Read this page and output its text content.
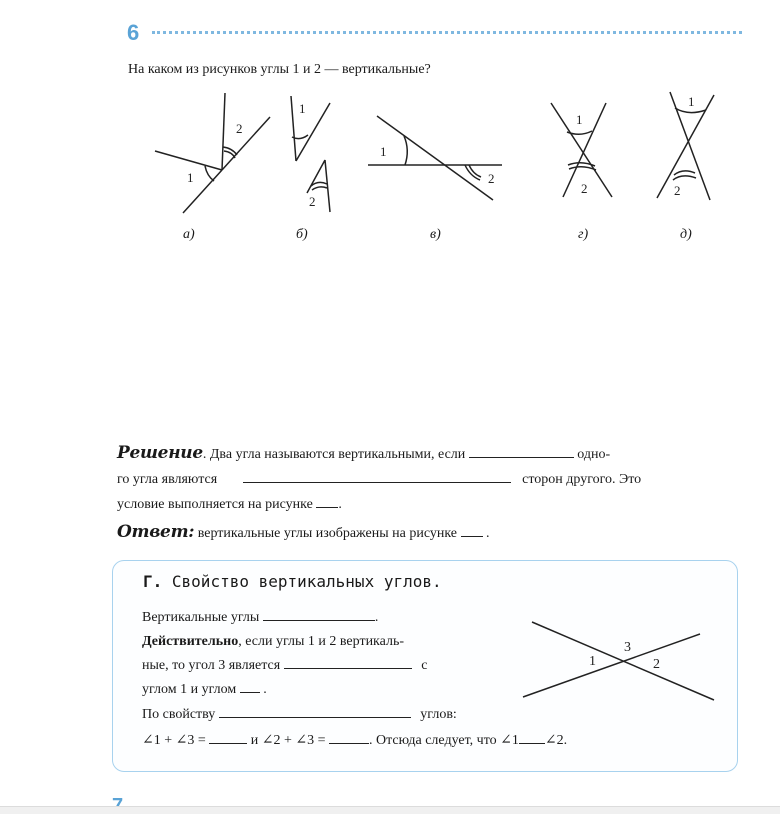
6
На каком из рисунков углы 1 и 2 — вертикальные?
2
1
1
2
1
2
1
2
1
2
а)	б)	в)	г)	д)
Решение. Два угла называются вертикальными, если	одно-
го угла являются	сторон другого. Это
условие выполняется на рисунке .
Ответ: вертикальные углы изображены на рисунке .
Г. Свойство вертикальных углов.
Вертикальные углы	.
Действительно, если углы 1 и 2 вертикаль-
ные, то угол 3 является	с
углом 1 и углом .
По свойству	углов:
∠1 + ∠3 =	и ∠2 + ∠3 =	. Отсюда следует, что ∠1 ∠2.
1	2
3
